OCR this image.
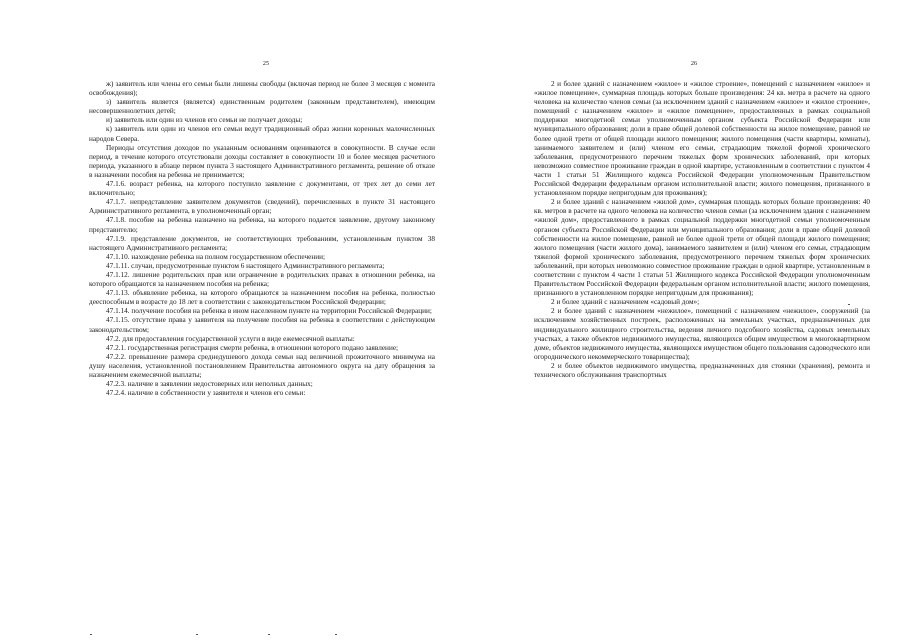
25

ж) заявитель или члены его семьи были лишены свободы (включая период не более 3 месяцев с момента освобождения);

з) заявитель является (является) единственным родителем (законным представителем), имеющим несовершеннолетних детей;

и) заявитель или один из членов его семьи не получает доходы;

к) заявитель или один из членов его семьи ведут традиционный образ жизни коренных малочисленных народов Севера.

Периоды отсутствия доходов по указанным основаниям оцениваются в совокупности. В случае если период, в течение которого отсутствовали доходы составляет в совокупности 10 и более месяцев расчетного периода, указанного в абзаце первом пункта 3 настоящего Административного регламента, решение об отказе в назначении пособия на ребенка не принимается;

47.1.6. возраст ребенка, на которого поступило заявление с документами, от трех лет до семи лет включительно;

47.1.7. непредставление заявителем документов (сведений), перечисленных в пункте 31 настоящего Административного регламента, в уполномоченный орган;

47.1.8. пособие на ребенка назначено на ребенка, на которого подается заявление, другому законному представителю;

47.1.9. представление документов, не соответствующих требованиям, установленным пунктом 38 настоящего Административного регламента;

47.1.10. нахождение ребенка на полном государственном обеспечении;

47.1.11. случаи, предусмотренные пунктом 6 настоящего Административного регламента;

47.1.12. лишение родительских прав или ограничение в родительских правах в отношении ребенка, на которого обращаются за назначением пособия на ребенка;

47.1.13. объявление ребенка, на которого обращаются за назначением пособия на ребенка, полностью дееспособным в возрасте до 18 лет в соответствии с законодательством Российской Федерации;

47.1.14. получение пособия на ребенка в ином населенном пункте на территории Российской Федерации;

47.1.15. отсутствие права у заявителя на получение пособия на ребенка в соответствии с действующим законодательством;

47.2. для предоставления государственной услуги в виде ежемесячной выплаты:

47.2.1. государственная регистрация смерти ребенка, в отношении которого подано заявление;

47.2.2. превышение размера среднедушевого дохода семьи над величиной прожиточного минимума на душу населения, установленной постановлением Правительства автономного округа на дату обращения за назначением ежемесячной выплаты;

47.2.3. наличие в заявлении недостоверных или неполных данных;

47.2.4. наличие в собственности у заявителя и членов его семьи:

26

2 и более зданий с назначением «жилое» и «жилое строение», помещений с назначением «жилое» и «жилое помещение», суммарная площадь которых больше произведения: 24 кв. метра в расчете на одного человека на количество членов семьи (за исключением зданий с назначением «жилое» и «жилое строение», помещений с назначением «жилое» и «жилое помещение», предоставленных в рамках социальной поддержки многодетной семьи уполномоченным органом субъекта Российской Федерации или муниципального образования; доли в праве общей долевой собственности на жилое помещение, равной не более одной трети от общей площади жилого помещения; жилого помещения (части квартиры, комнаты), занимаемого заявителем и (или) членом его семьи, страдающим тяжелой формой хронического заболевания, предусмотренного перечнем тяжелых форм хронических заболеваний, при которых невозможно совместное проживание граждан в одной квартире, установленным в соответствии с пунктом 4 части 1 статьи 51 Жилищного кодекса Российской Федерации уполномоченным Правительством Российской Федерации федеральным органом исполнительной власти; жилого помещения, признанного в установленном порядке непригодным для проживания);

2 и более зданий с назначением «жилой дом», суммарная площадь которых больше произведения: 40 кв. метров в расчете на одного человека на количество членов семьи (за исключением здания с назначением «жилой дом», предоставленного в рамках социальной поддержки многодетной семьи уполномоченным органом субъекта Российской Федерации или муниципального образования; доли в праве общей долевой собственности на жилое помещение, равной не более одной трети от общей площади жилого помещения; жилого помещения (части жилого дома), занимаемого заявителем и (или) членом его семьи, страдающим тяжелой формой хронического заболевания, предусмотренного перечнем тяжелых форм хронических заболеваний, при которых невозможно совместное проживание граждан в одной квартире, установленным в соответствии с пунктом 4 части 1 статьи 51 Жилищного кодекса Российской Федерации уполномоченным Правительством Российской Федерации федеральным органом исполнительной власти; жилого помещения, признанного в установленном порядке непригодным для проживания);

2 и более зданий с назначением «садовый дом»;

2 и более зданий с назначением «нежилое», помещений с назначением «нежилое», сооружений (за исключением хозяйственных построек, расположенных на земельных участках, предназначенных для индивидуального жилищного строительства, ведения личного подсобного хозяйства, садовых земельных участках, а также объектов недвижимого имущества, являющихся общим имуществом в многоквартирном доме, объектов недвижимого имущества, являющихся имуществом общего пользования садоводческого или огороднического некоммерческого товарищества);

2 и более объектов недвижимого имущества, предназначенных для стоянки (хранения), ремонта и технического обслуживания транспортных
